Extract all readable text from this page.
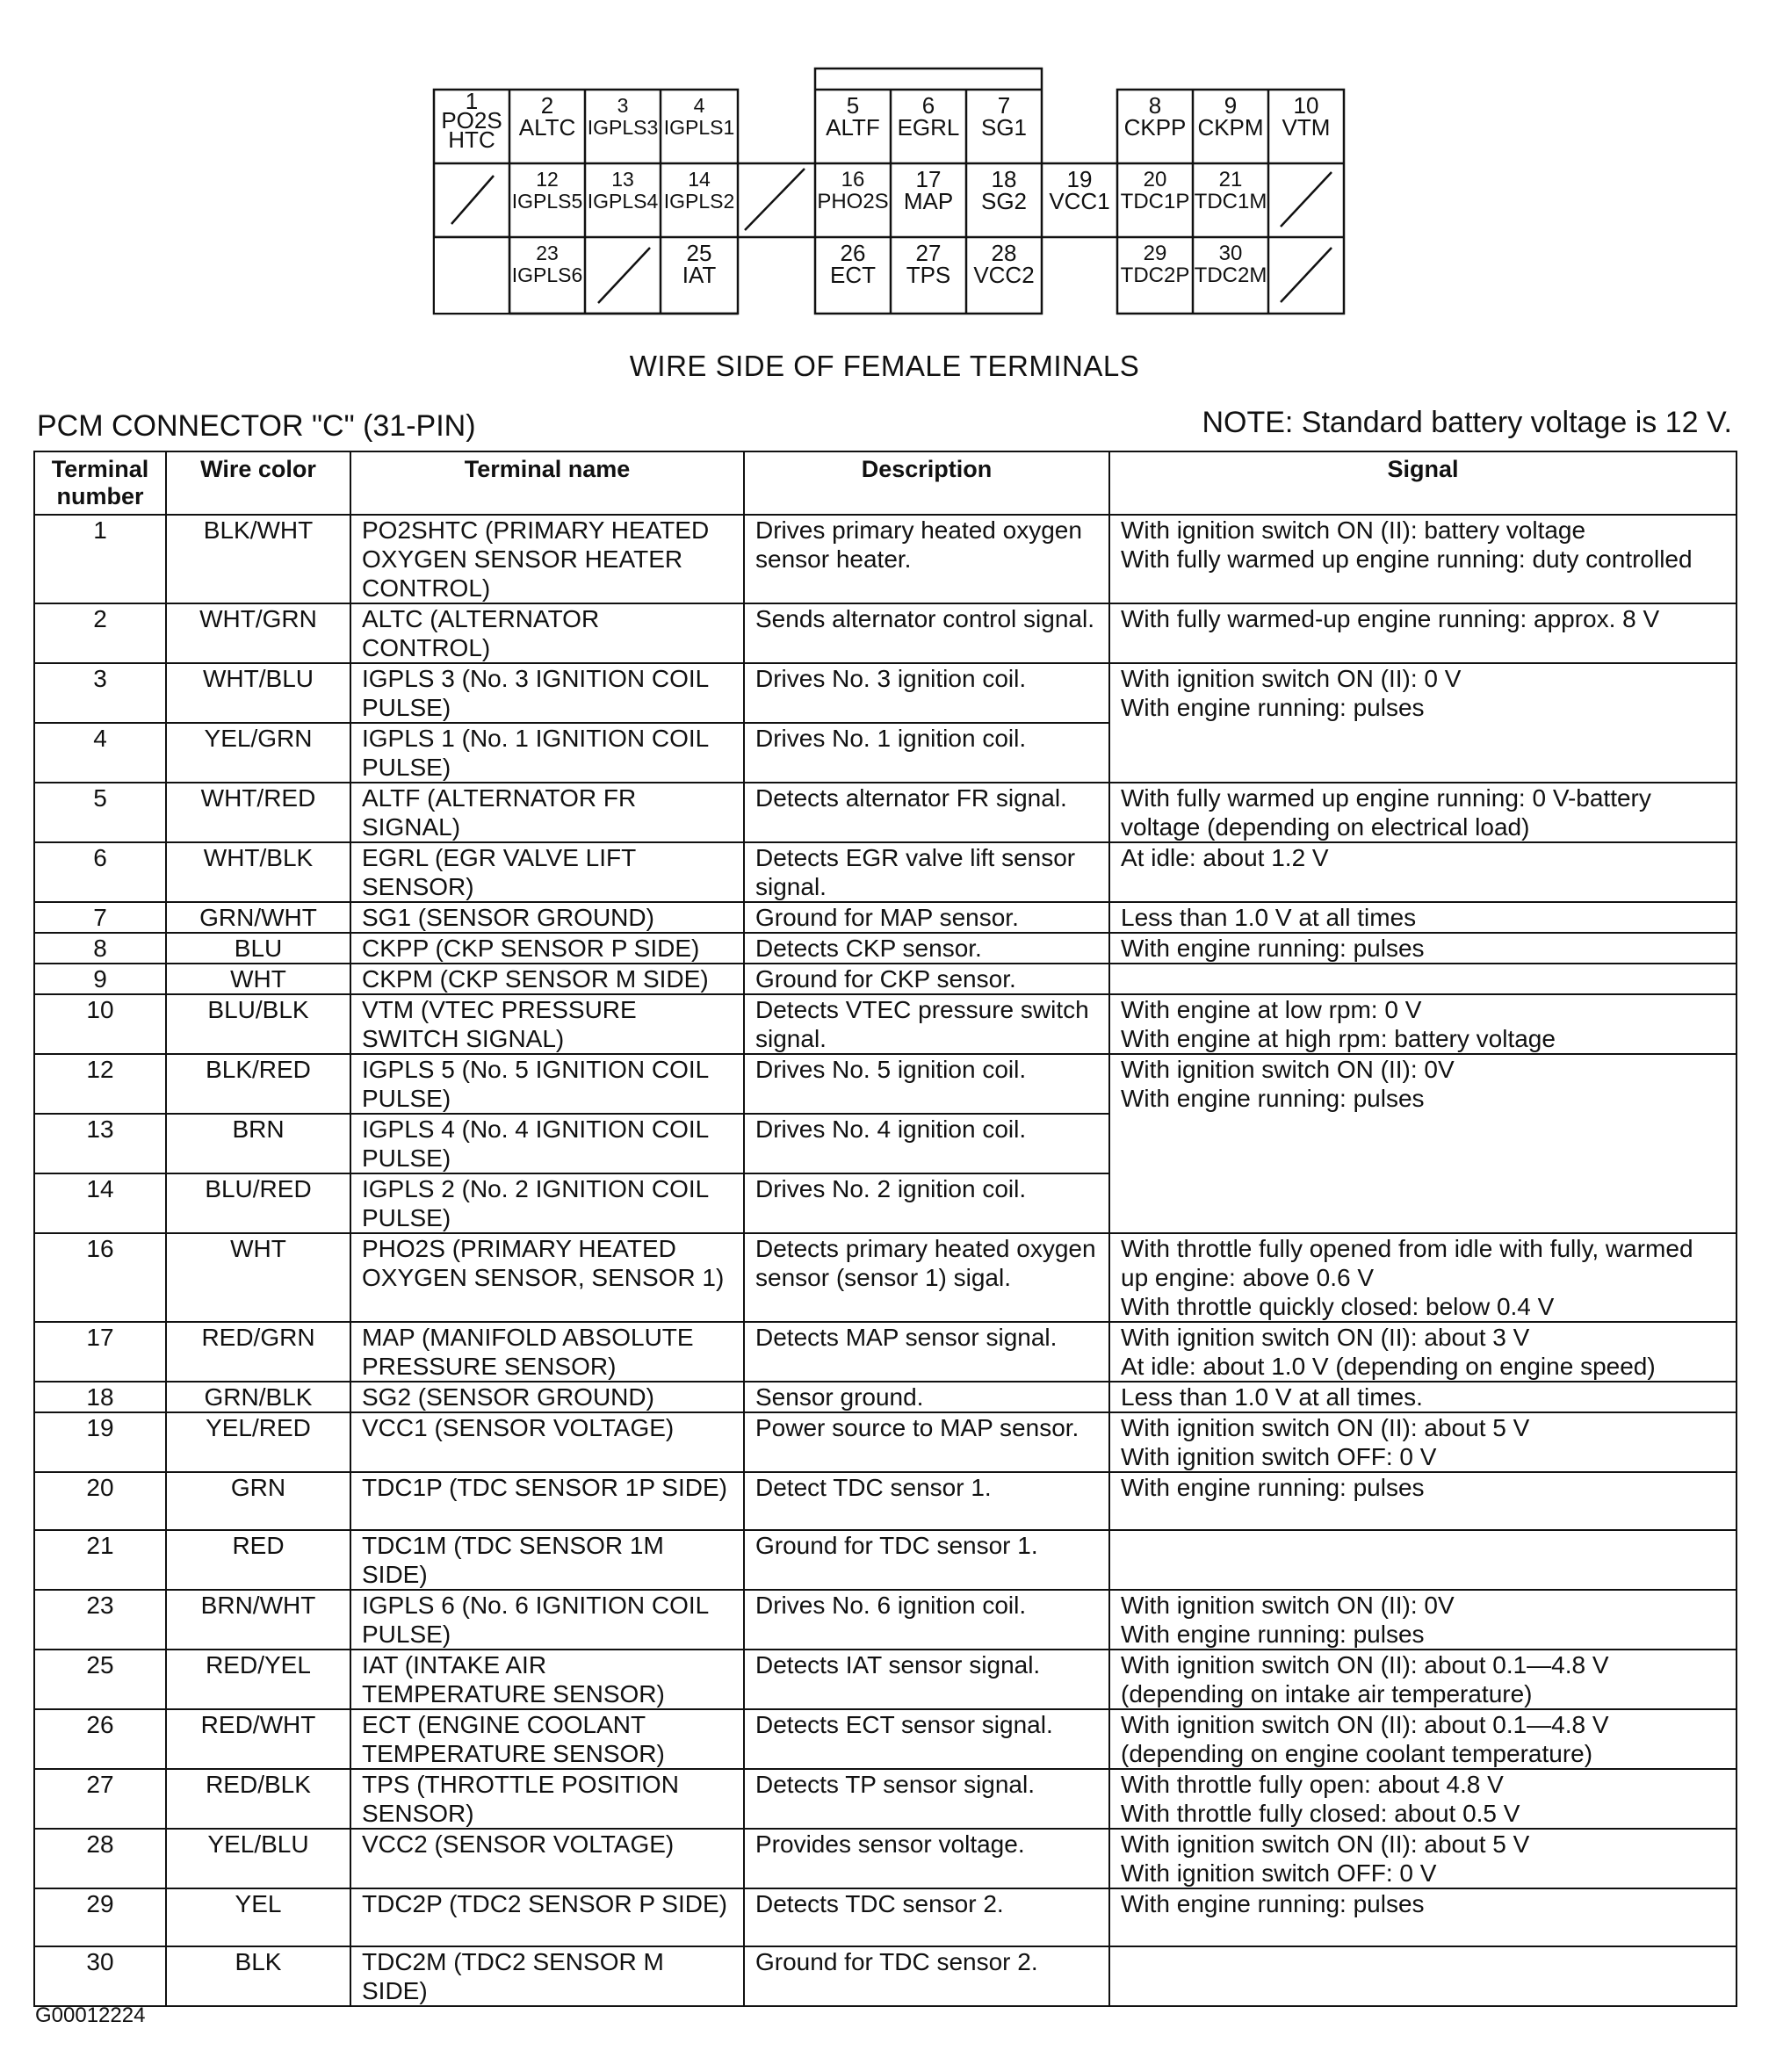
1
PO2S
HTC
2
ALTC
3
IGPLS3
4
IGPLS1
5
ALTF
6
EGRL
7
SG1
8
CKPP
9
CKPM
10
VTM
12
IGPLS5
13
IGPLS4
14
IGPLS2
16
PHO2S
17
MAP
18
SG2
19
VCC1
20
TDC1P
21
TDC1M
23
IGPLS6
25
IAT
26
ECT
27
TPS
28
VCC2
29
TDC2P
30
TDC2M
WIRE SIDE OF FEMALE TERMINALS
PCM CONNECTOR "C" (31-PIN)	NOTE: Standard battery voltage is 12 V.
Terminal number	Wire color	Terminal name	Description	Signal
1	BLK/WHT	PO2SHTC (PRIMARY HEATED OXYGEN SENSOR HEATER CONTROL)	Drives primary heated oxygen sensor heater.	With ignition switch ON (II): battery voltage
With fully warmed up engine running: duty controlled

2	WHT/GRN	ALTC (ALTERNATOR CONTROL)	Sends alternator control signal.	With fully warmed-up engine running: approx. 8 V

3	WHT/BLU	IGPLS 3 (No. 3 IGNITION COIL PULSE)	Drives No. 3 ignition coil.	With ignition switch ON (II): 0 V
With engine running: pulses

4	YEL/GRN	IGPLS 1 (No. 1 IGNITION COIL PULSE)	Drives No. 1 ignition coil.	
5	WHT/RED	ALTF (ALTERNATOR FR SIGNAL)	Detects alternator FR signal.	With fully warmed up engine running: 0 V-battery voltage (depending on electrical load)

6	WHT/BLK	EGRL (EGR VALVE LIFT SENSOR)	Detects EGR valve lift sensor signal.	At idle: about 1.2 V

7	GRN/WHT	SG1 (SENSOR GROUND)	Ground for MAP sensor.	Less than 1.0 V at all times

8	BLU	CKPP (CKP SENSOR P SIDE)	Detects CKP sensor.	With engine running: pulses

9	WHT	CKPM (CKP SENSOR M SIDE)	Ground for CKP sensor.	
10	BLU/BLK	VTM (VTEC PRESSURE SWITCH SIGNAL)	Detects VTEC pressure switch signal.	With engine at low rpm: 0 V
With engine at high rpm: battery voltage

12	BLK/RED	IGPLS 5 (No. 5 IGNITION COIL PULSE)	Drives No. 5 ignition coil.	With ignition switch ON (II): 0V
With engine running: pulses

13	BRN	IGPLS 4 (No. 4 IGNITION COIL PULSE)	Drives No. 4 ignition coil.	
14	BLU/RED	IGPLS 2 (No. 2 IGNITION COIL PULSE)	Drives No. 2 ignition coil.	
16	WHT	PHO2S (PRIMARY HEATED OXYGEN SENSOR, SENSOR 1)	Detects primary heated oxygen sensor (sensor 1) sigal.	With throttle fully opened from idle with fully, warmed up engine: above 0.6 V
With throttle quickly closed: below 0.4 V

17	RED/GRN	MAP (MANIFOLD ABSOLUTE PRESSURE SENSOR)	Detects MAP sensor signal.	With ignition switch ON (II): about 3 V
At idle: about 1.0 V (depending on engine speed)

18	GRN/BLK	SG2 (SENSOR GROUND)	Sensor ground.	Less than 1.0 V at all times.

19	YEL/RED	VCC1 (SENSOR VOLTAGE)	Power source to MAP sensor.	With ignition switch ON (II): about 5 V
With ignition switch OFF: 0 V

20	GRN	TDC1P (TDC SENSOR 1P SIDE)	Detect TDC sensor 1.	With engine running: pulses

21	RED	TDC1M (TDC SENSOR 1M SIDE)	Ground for TDC sensor 1.	
23	BRN/WHT	IGPLS 6 (No. 6 IGNITION COIL PULSE)	Drives No. 6 ignition coil.	With ignition switch ON (II): 0V
With engine running: pulses

25	RED/YEL	IAT (INTAKE AIR TEMPERATURE SENSOR)	Detects IAT sensor signal.	With ignition switch ON (II): about 0.1—4.8 V
(depending on intake air temperature)

26	RED/WHT	ECT (ENGINE COOLANT TEMPERATURE SENSOR)	Detects ECT sensor signal.	With ignition switch ON (II): about 0.1—4.8 V
(depending on engine coolant temperature)

27	RED/BLK	TPS (THROTTLE POSITION SENSOR)	Detects TP sensor signal.	With throttle fully open: about 4.8 V
With throttle fully closed: about 0.5 V

28	YEL/BLU	VCC2 (SENSOR VOLTAGE)	Provides sensor voltage.	With ignition switch ON (II): about 5 V
With ignition switch OFF: 0 V

29	YEL	TDC2P (TDC2 SENSOR P SIDE)	Detects TDC sensor 2.	With engine running: pulses

30	BLK	TDC2M (TDC2 SENSOR M SIDE)	Ground for TDC sensor 2.	
G00012224
